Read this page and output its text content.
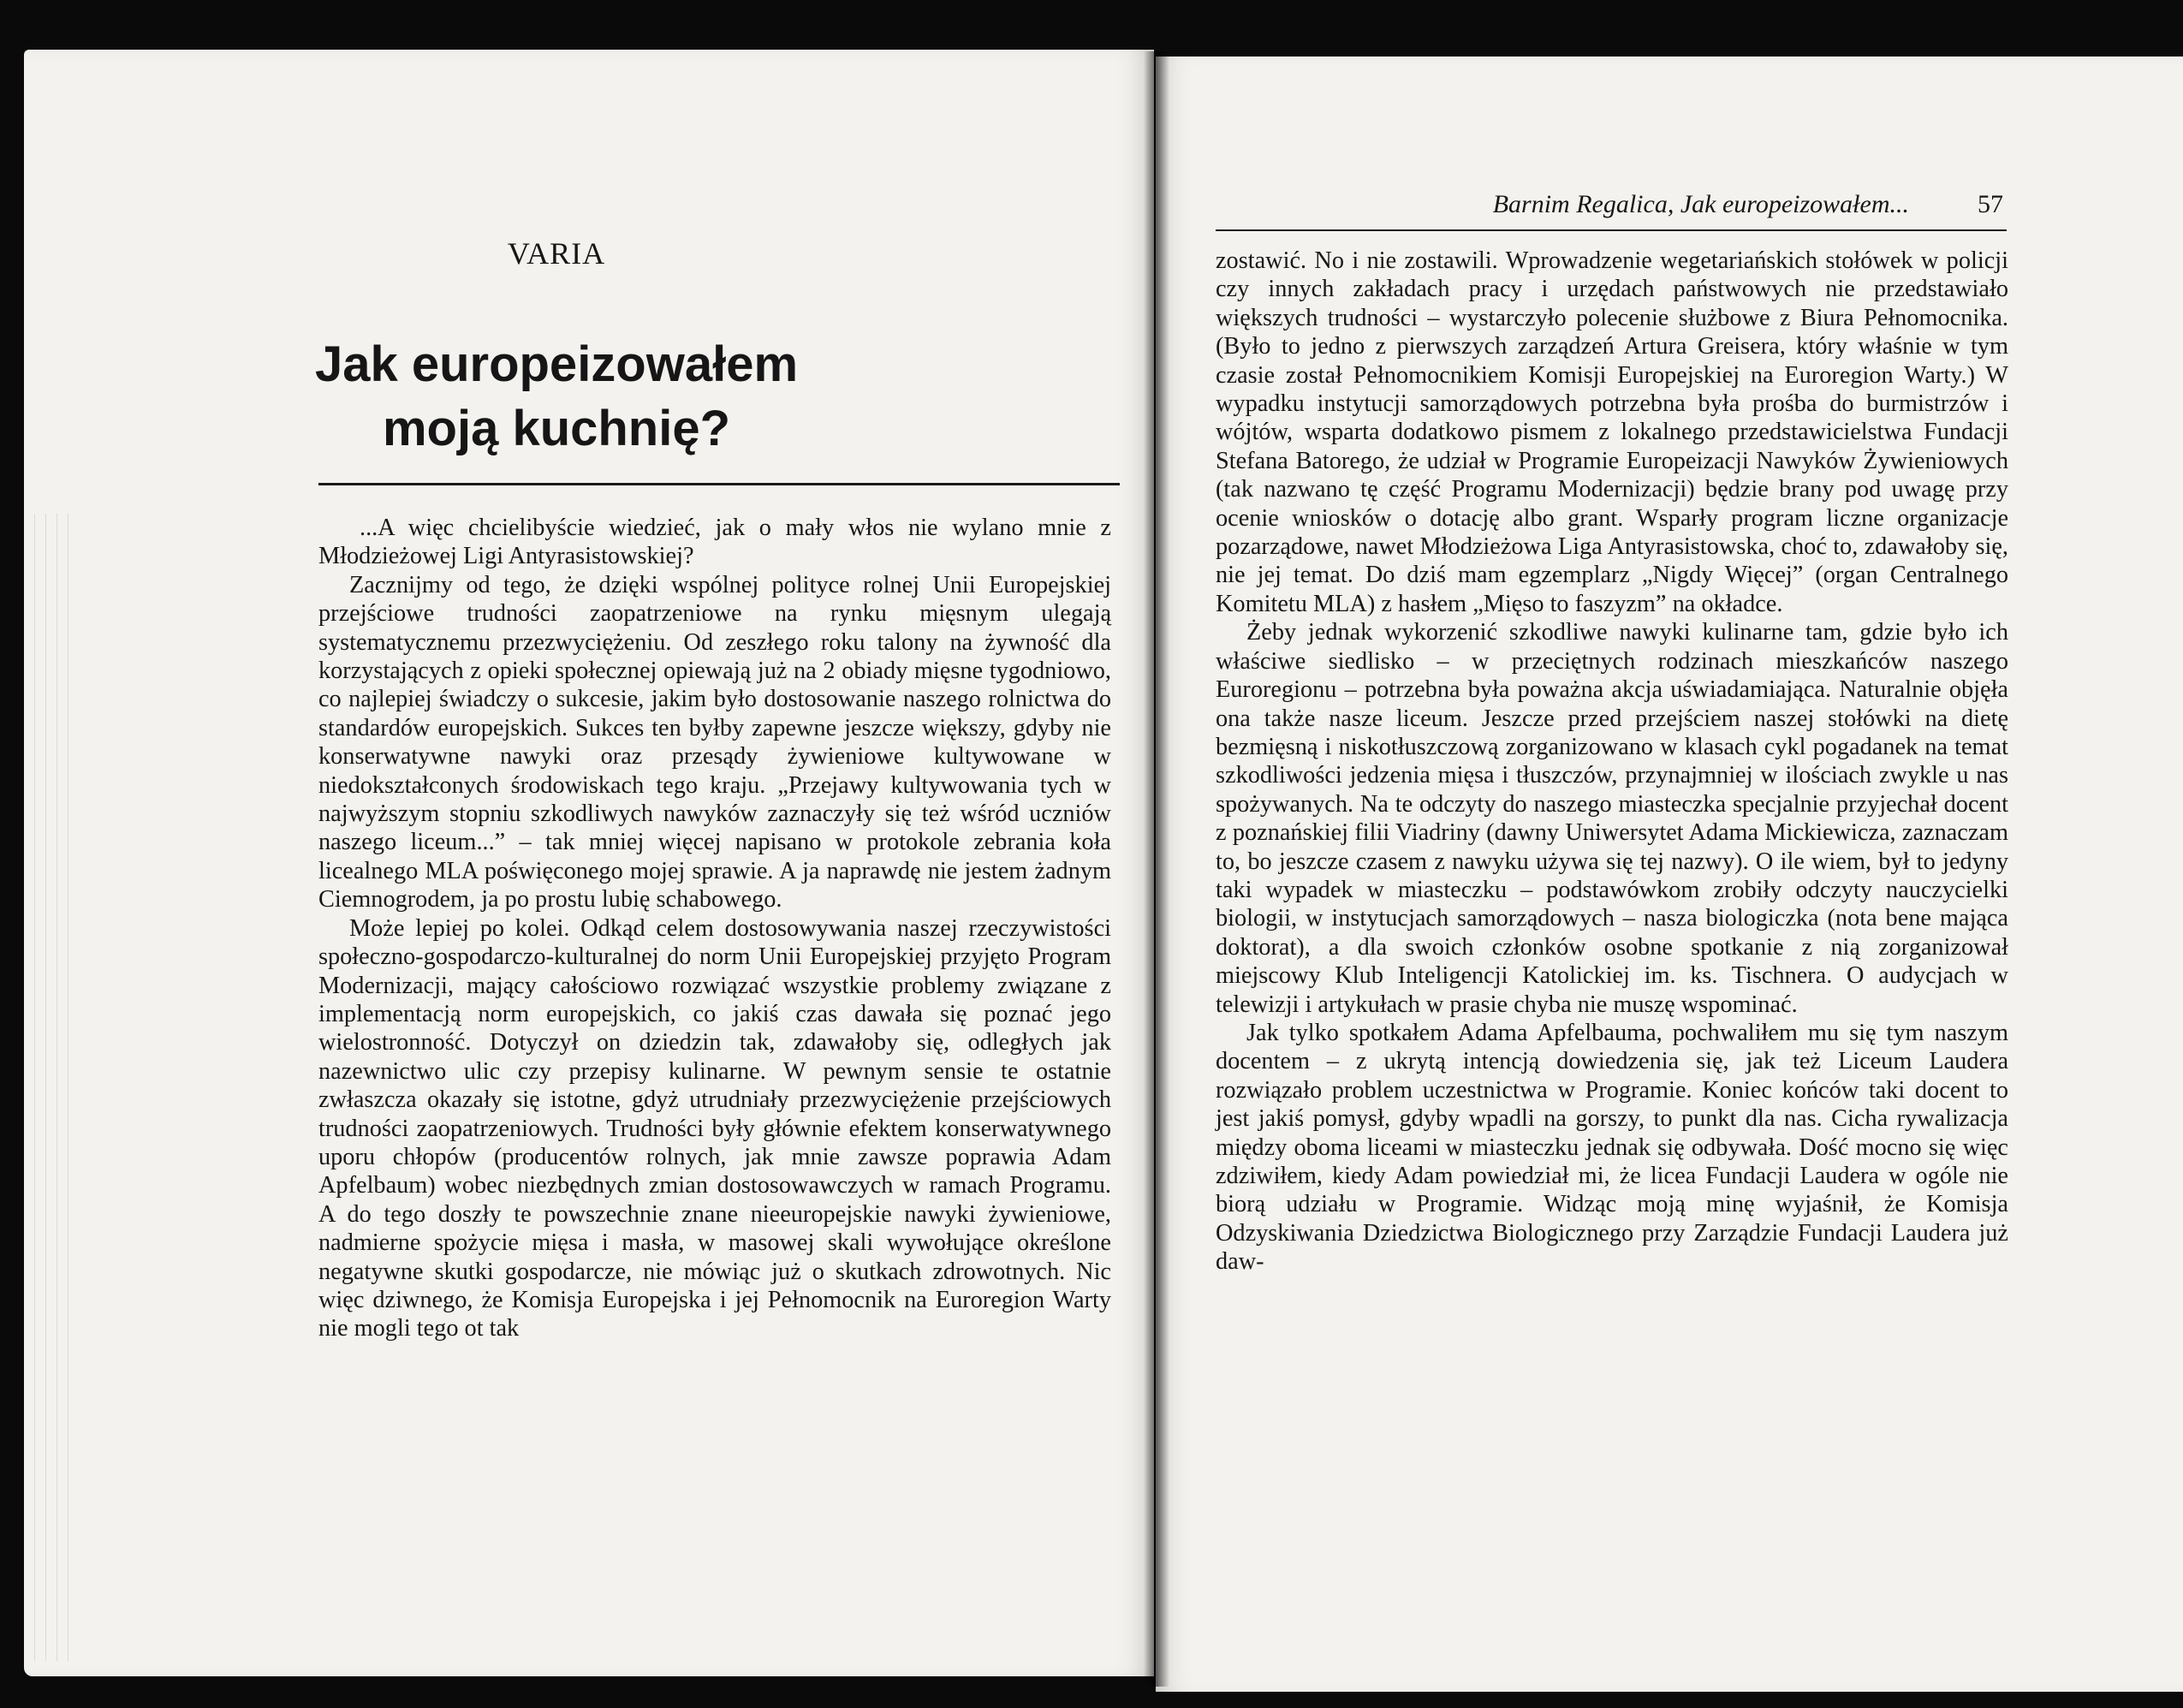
VARIA
Jak europeizowałem
moją kuchnię?

...A więc chcielibyście wiedzieć, jak o mały włos nie wylano mnie z Młodzieżowej Ligi Antyrasistowskiej?

Zacznijmy od tego, że dzięki wspólnej polityce rolnej Unii Europejskiej przejściowe trudności zaopatrzeniowe na rynku mięsnym ulegają systematycznemu przezwyciężeniu. Od zeszłego roku talony na żywność dla korzystających z opieki społecznej opiewają już na 2 obiady mięsne tygodniowo, co najlepiej świadczy o sukcesie, jakim było dostosowanie naszego rolnictwa do standardów europejskich. Sukces ten byłby zapewne jeszcze większy, gdyby nie konserwatywne nawyki oraz przesądy żywieniowe kultywowane w niedokształconych środowiskach tego kraju. „Przejawy kultywowania tych w najwyższym stopniu szkodliwych nawyków zaznaczyły się też wśród uczniów naszego liceum...” – tak mniej więcej napisano w protokole zebrania koła licealnego MLA poświęconego mojej sprawie. A ja naprawdę nie jestem żadnym Ciemnogrodem, ja po prostu lubię schabowego.

Może lepiej po kolei. Odkąd celem dostosowywania naszej rzeczywistości społeczno-gospodarczo-kulturalnej do norm Unii Europejskiej przyjęto Program Modernizacji, mający całościowo rozwiązać wszystkie problemy związane z implementacją norm europejskich, co jakiś czas dawała się poznać jego wielostronność. Dotyczył on dziedzin tak, zdawałoby się, odległych jak nazewnictwo ulic czy przepisy kulinarne. W pewnym sensie te ostatnie zwłaszcza okazały się istotne, gdyż utrudniały przezwyciężenie przejściowych trudności zaopatrzeniowych. Trudności były głównie efektem konserwatywnego uporu chłopów (producentów rolnych, jak mnie zawsze poprawia Adam Apfelbaum) wobec niezbędnych zmian dostosowawczych w ramach Programu. A do tego doszły te powszechnie znane nieeuropejskie nawyki żywieniowe, nadmierne spożycie mięsa i masła, w masowej skali wywołujące określone negatywne skutki gospodarcze, nie mówiąc już o skutkach zdrowotnych. Nic więc dziwnego, że Komisja Europejska i jej Pełnomocnik na Euroregion Warty nie mogli tego ot tak

Barnim Regalica, Jak europeizowałem...	57

zostawić. No i nie zostawili. Wprowadzenie wegetariańskich stołówek w policji czy innych zakładach pracy i urzędach państwowych nie przedstawiało większych trudności – wystarczyło polecenie służbowe z Biura Pełnomocnika. (Było to jedno z pierwszych zarządzeń Artura Greisera, który właśnie w tym czasie został Pełnomocnikiem Komisji Europejskiej na Euroregion Warty.) W wypadku instytucji samorządowych potrzebna była prośba do burmistrzów i wójtów, wsparta dodatkowo pismem z lokalnego przedstawicielstwa Fundacji Stefana Batorego, że udział w Programie Europeizacji Nawyków Żywieniowych (tak nazwano tę część Programu Modernizacji) będzie brany pod uwagę przy ocenie wniosków o dotację albo grant. Wsparły program liczne organizacje pozarządowe, nawet Młodzieżowa Liga Antyrasistowska, choć to, zdawałoby się, nie jej temat. Do dziś mam egzemplarz „Nigdy Więcej” (organ Centralnego Komitetu MLA) z hasłem „Mięso to faszyzm” na okładce.

Żeby jednak wykorzenić szkodliwe nawyki kulinarne tam, gdzie było ich właściwe siedlisko – w przeciętnych rodzinach mieszkańców naszego Euroregionu – potrzebna była poważna akcja uświadamiająca. Naturalnie objęła ona także nasze liceum. Jeszcze przed przejściem naszej stołówki na dietę bezmięsną i niskotłuszczową zorganizowano w klasach cykl pogadanek na temat szkodliwości jedzenia mięsa i tłuszczów, przynajmniej w ilościach zwykle u nas spożywanych. Na te odczyty do naszego miasteczka specjalnie przyjechał docent z poznańskiej filii Viadriny (dawny Uniwersytet Adama Mickiewicza, zaznaczam to, bo jeszcze czasem z nawyku używa się tej nazwy). O ile wiem, był to jedyny taki wypadek w miasteczku – podstawówkom zrobiły odczyty nauczycielki biologii, w instytucjach samorządowych – nasza biologiczka (nota bene mająca doktorat), a dla swoich członków osobne spotkanie z nią zorganizował miejscowy Klub Inteligencji Katolickiej im. ks. Tischnera. O audycjach w telewizji i artykułach w prasie chyba nie muszę wspominać.

Jak tylko spotkałem Adama Apfelbauma, pochwaliłem mu się tym naszym docentem – z ukrytą intencją dowiedzenia się, jak też Liceum Laudera rozwiązało problem uczestnictwa w Programie. Koniec końców taki docent to jest jakiś pomysł, gdyby wpadli na gorszy, to punkt dla nas. Cicha rywalizacja między oboma liceami w miasteczku jednak się odbywała. Dość mocno się więc zdziwiłem, kiedy Adam powiedział mi, że licea Fundacji Laudera w ogóle nie biorą udziału w Programie. Widząc moją minę wyjaśnił, że Komisja Odzyskiwania Dziedzictwa Biologicznego przy Zarządzie Fundacji Laudera już daw-
